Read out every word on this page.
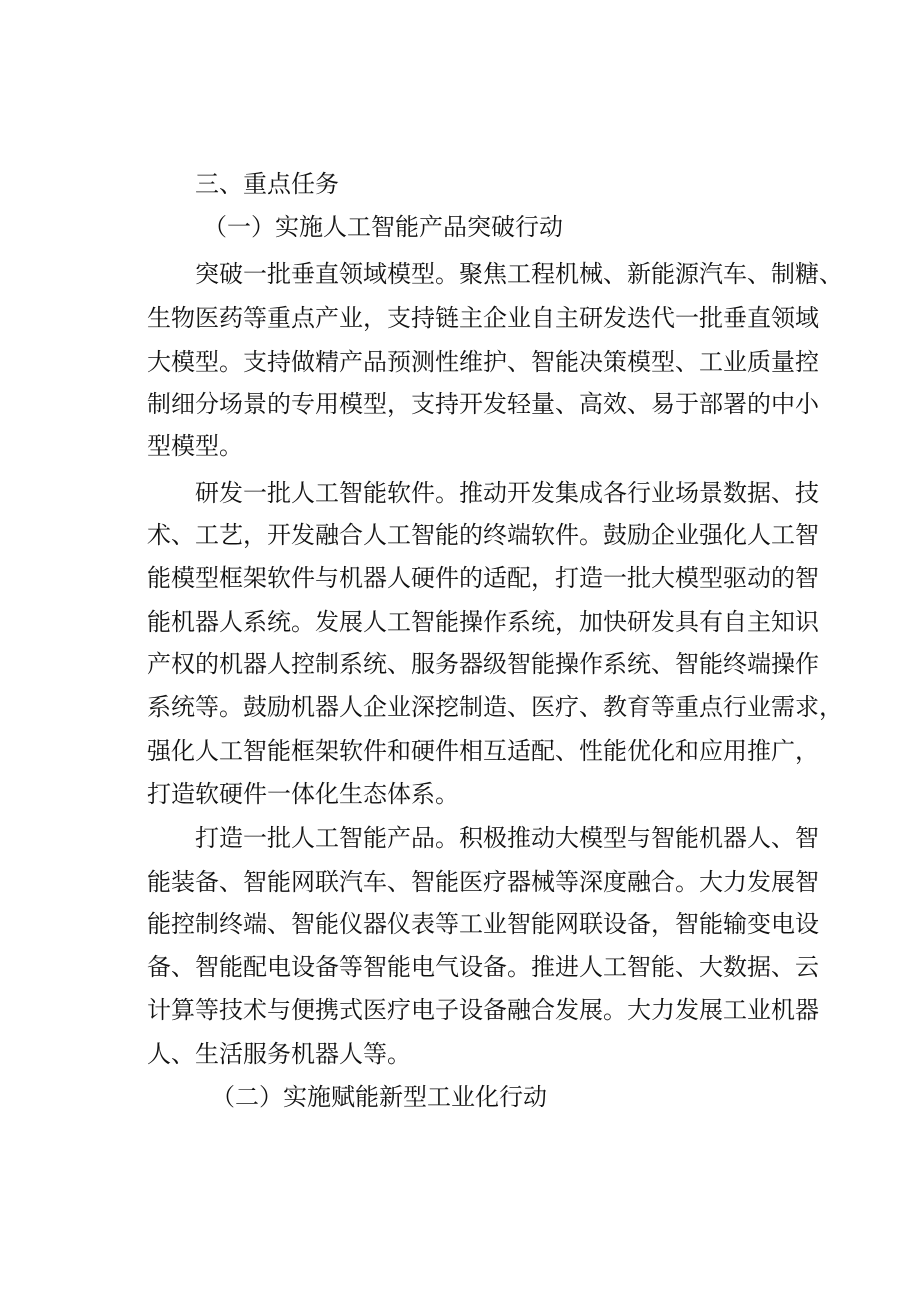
三、重点任务
（一）实施人工智能产品突破行动
突破一批垂直领域模型。聚焦工程机械、新能源汽车、制糖、
生物医药等重点产业，支持链主企业自主研发迭代一批垂直领域
大模型。支持做精产品预测性维护、智能决策模型、工业质量控
制细分场景的专用模型，支持开发轻量、高效、易于部署的中小
型模型。
研发一批人工智能软件。推动开发集成各行业场景数据、技
术、工艺，开发融合人工智能的终端软件。鼓励企业强化人工智
能模型框架软件与机器人硬件的适配，打造一批大模型驱动的智
能机器人系统。发展人工智能操作系统，加快研发具有自主知识
产权的机器人控制系统、服务器级智能操作系统、智能终端操作
系统等。鼓励机器人企业深挖制造、医疗、教育等重点行业需求，
强化人工智能框架软件和硬件相互适配、性能优化和应用推广，
打造软硬件一体化生态体系。
打造一批人工智能产品。积极推动大模型与智能机器人、智
能装备、智能网联汽车、智能医疗器械等深度融合。大力发展智
能控制终端、智能仪器仪表等工业智能网联设备，智能输变电设
备、智能配电设备等智能电气设备。推进人工智能、大数据、云
计算等技术与便携式医疗电子设备融合发展。大力发展工业机器
人、生活服务机器人等。
（二）实施赋能新型工业化行动
